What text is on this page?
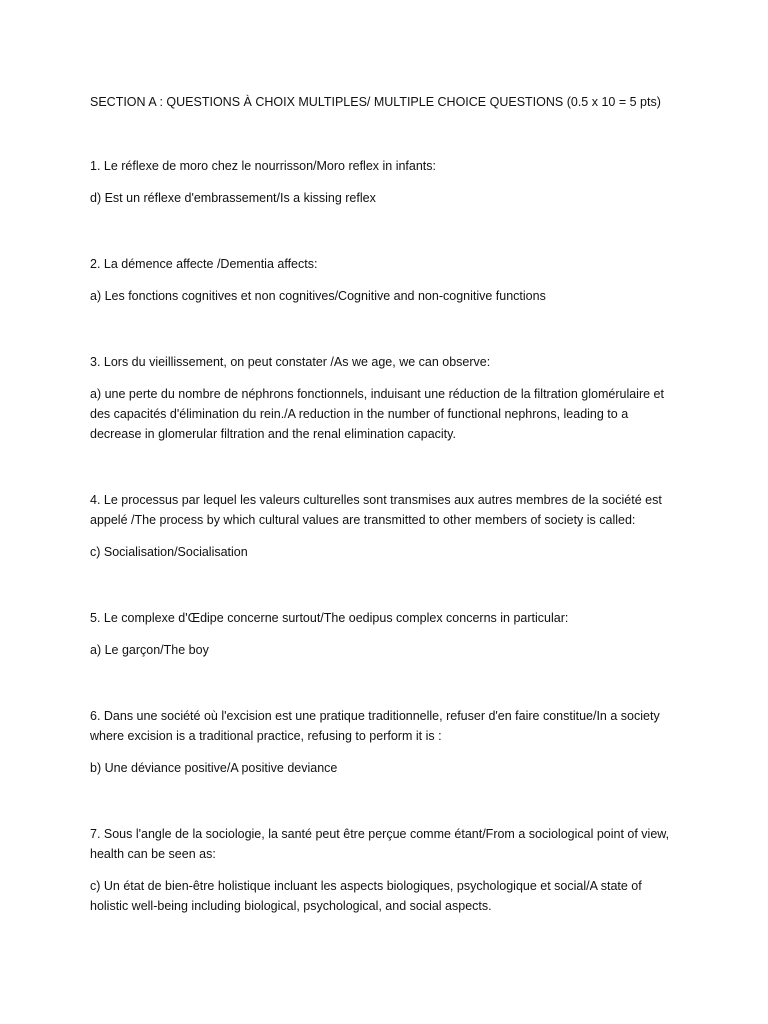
SECTION A : QUESTIONS À CHOIX MULTIPLES/ MULTIPLE CHOICE QUESTIONS (0.5 x 10 = 5 pts)

1. Le réflexe de moro chez le nourrisson/Moro reflex in infants:

d) Est un réflexe d'embrassement/Is a kissing reflex

2. La démence affecte /Dementia affects:

a) Les fonctions cognitives et non cognitives/Cognitive and non-cognitive functions

3. Lors du vieillissement, on peut constater /As we age, we can observe:

a) une perte du nombre de néphrons fonctionnels, induisant une réduction de la filtration glomérulaire et des capacités d'élimination du rein./A reduction in the number of functional nephrons, leading to a decrease in glomerular filtration and the renal elimination capacity.

4. Le processus par lequel les valeurs culturelles sont transmises aux autres membres de la société est appelé /The process by which cultural values are transmitted to other members of society is called:

c) Socialisation/Socialisation

5. Le complexe d'Œdipe concerne surtout/The oedipus complex concerns in particular:

a) Le garçon/The boy

6. Dans une société où l'excision est une pratique traditionnelle, refuser d'en faire constitue/In a society where excision is a traditional practice, refusing to perform it is :

b) Une déviance positive/A positive deviance

7. Sous l'angle de la sociologie, la santé peut être perçue comme étant/From a sociological point of view, health can be seen as:

c) Un état de bien-être holistique incluant les aspects biologiques, psychologique et social/A state of holistic well-being including biological, psychological, and social aspects.
